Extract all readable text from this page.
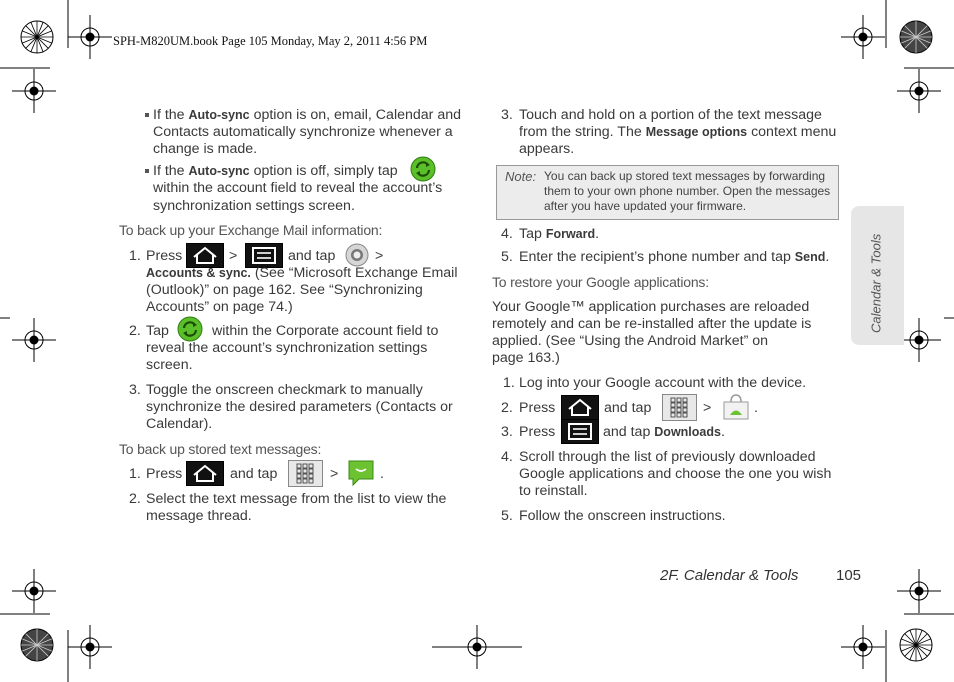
SPH-M820UM.book Page 105 Monday, May 2, 2011 4:56 PM
Calendar & Tools
If the Auto-sync option is on, email, Calendar and
Contacts automatically synchronize whenever a
change is made.
If the Auto-sync option is off, simply tap
within the account field to reveal the account’s
synchronization settings screen.
To back up your Exchange Mail information:
1. Press	>	and tap	>
Accounts & sync. (See “Microsoft Exchange Email
(Outlook)” on page 162. See “Synchronizing
Accounts” on page 74.)
2. Tap	within the Corporate account field to
reveal the account’s synchronization settings
screen.
3. Toggle the onscreen checkmark to manually
synchronize the desired parameters (Contacts or
Calendar).
To back up stored text messages:
1. Press	and tap	>	.
2. Select the text message from the list to view the
message thread.
3. Touch and hold on a portion of the text message
from the string. The Message options context menu
appears.
Note: You can back up stored text messages by forwarding
them to your own phone number. Open the messages
after you have updated your firmware.
4. Tap Forward.
5. Enter the recipient’s phone number and tap Send.
To restore your Google applications:
Your Google™ application purchases are reloaded
remotely and can be re-installed after the update is
applied. (See “Using the Android Market” on
page 163.)
1. Log into your Google account with the device.
2. Press	and tap	>	.
3. Press	and tap Downloads.
4. Scroll through the list of previously downloaded
Google applications and choose the one you wish
to reinstall.
5. Follow the onscreen instructions.
2F. Calendar & Tools	105
